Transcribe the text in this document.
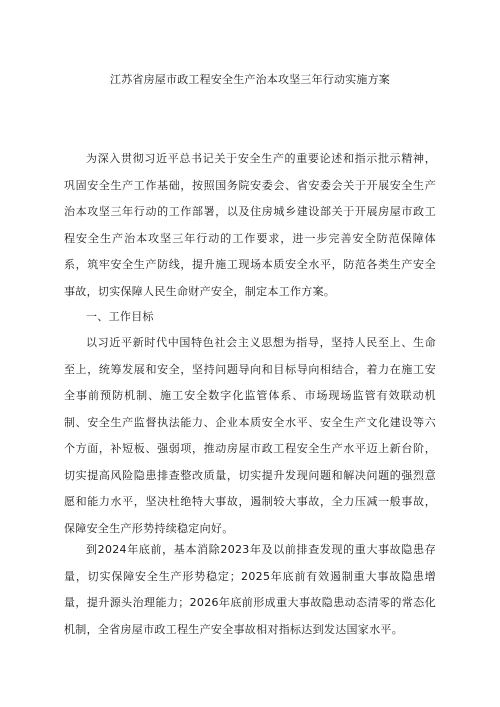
江苏省房屋市政工程安全生产治本攻坚三年行动实施方案

为深入贯彻习近平总书记关于安全生产的重要论述和指示批示精神，巩固安全生产工作基础，按照国务院安委会、省安委会关于开展安全生产治本攻坚三年行动的工作部署，以及住房城乡建设部关于开展房屋市政工程安全生产治本攻坚三年行动的工作要求，进一步完善安全防范保障体系，筑牢安全生产防线，提升施工现场本质安全水平，防范各类生产安全事故，切实保障人民生命财产安全，制定本工作方案。

一、工作目标

以习近平新时代中国特色社会主义思想为指导，坚持人民至上、生命至上，统筹发展和安全，坚持问题导向和目标导向相结合，着力在施工安全事前预防机制、施工安全数字化监管体系、市场现场监管有效联动机制、安全生产监督执法能力、企业本质安全水平、安全生产文化建设等六个方面，补短板、强弱项，推动房屋市政工程安全生产水平迈上新台阶，切实提高风险隐患排查整改质量，切实提升发现问题和解决问题的强烈意愿和能力水平，坚决杜绝特大事故，遏制较大事故，全力压减一般事故，保障安全生产形势持续稳定向好。

到2024年底前，基本消除2023年及以前排查发现的重大事故隐患存量，切实保障安全生产形势稳定；2025年底前有效遏制重大事故隐患增量，提升源头治理能力；2026年底前形成重大事故隐患动态清零的常态化机制，全省房屋市政工程生产安全事故相对指标达到发达国家水平。
